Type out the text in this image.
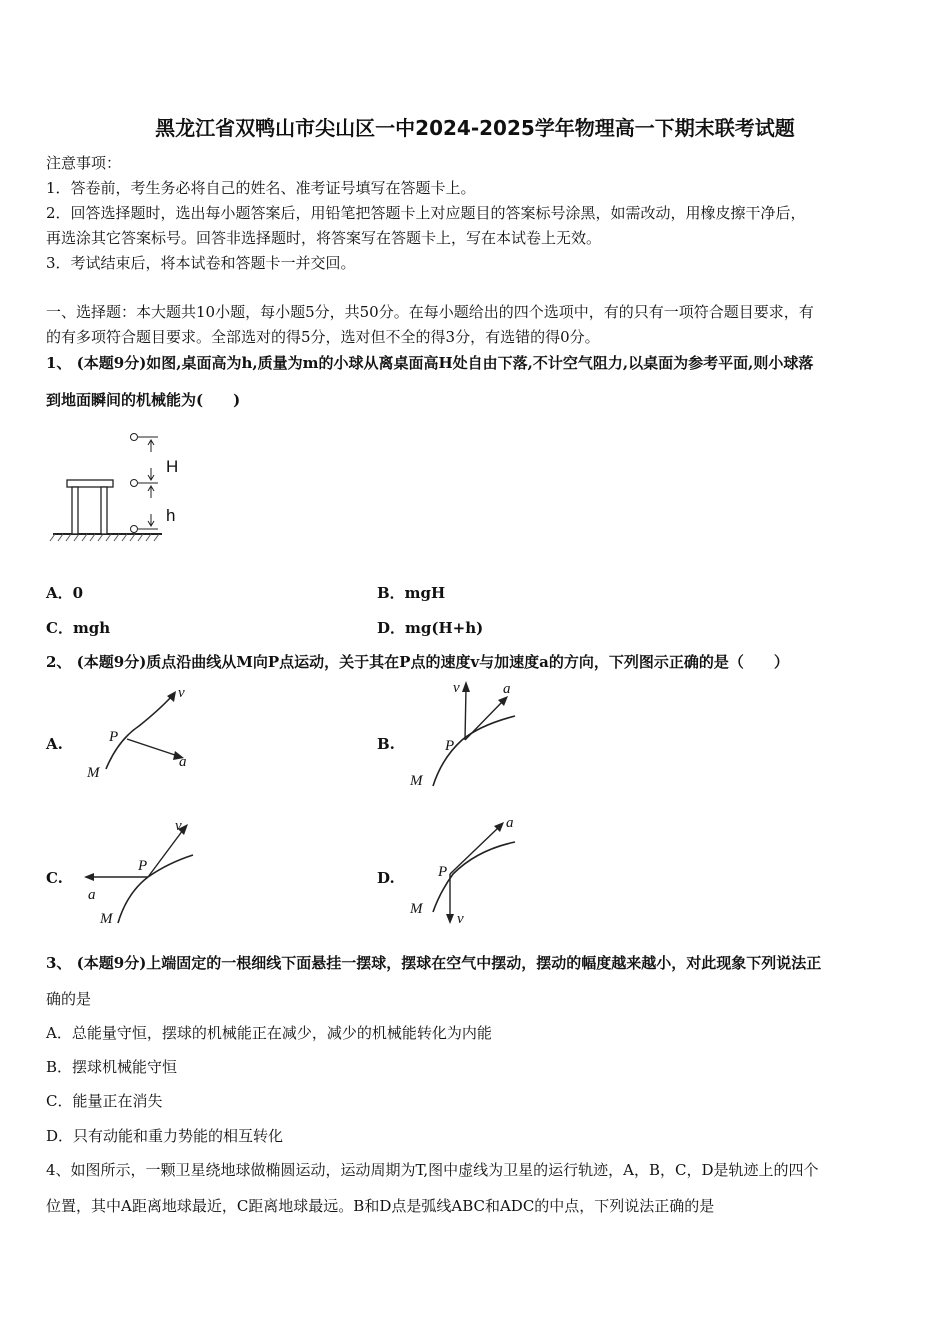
黑龙江省双鸭山市尖山区一中2024-2025学年物理高一下期末联考试题
注意事项：
1．答卷前，考生务必将自己的姓名、准考证号填写在答题卡上。
2．回答选择题时，选出每小题答案后，用铅笔把答题卡上对应题目的答案标号涂黑，如需改动，用橡皮擦干净后，
再选涂其它答案标号。回答非选择题时，将答案写在答题卡上，写在本试卷上无效。
3．考试结束后，将本试卷和答题卡一并交回。
一、选择题：本大题共10小题，每小题5分，共50分。在每小题给出的四个选项中，有的只有一项符合题目要求，有
的有多项符合题目要求。全部选对的得5分，选对但不全的得3分，有选错的得0分。
1、 (本题9分)如图,桌面高为h,质量为m的小球从离桌面高H处自由下落,不计空气阻力,以桌面为参考平面,则小球落
到地面瞬间的机械能为(　　)
H
h
A．0	B．mgH
C．mgh	D．mg(H+h)
2、 (本题9分)质点沿曲线从M向P点运动，关于其在P点的速度v与加速度a的方向，下列图示正确的是（　　）
A.
v
a
P
M
B.
v	a
P
M
C.
v
a
P
M
D.
v
a
P
M
3、 (本题9分)上端固定的一根细线下面悬挂一摆球，摆球在空气中摆动，摆动的幅度越来越小，对此现象下列说法正
确的是
A．总能量守恒，摆球的机械能正在减少，减少的机械能转化为内能
B．摆球机械能守恒
C．能量正在消失
D．只有动能和重力势能的相互转化
4、如图所示，一颗卫星绕地球做椭圆运动，运动周期为T,图中虚线为卫星的运行轨迹，A，B，C，D是轨迹上的四个
位置，其中A距离地球最近，C距离地球最远。B和D点是弧线ABC和ADC的中点，下列说法正确的是
